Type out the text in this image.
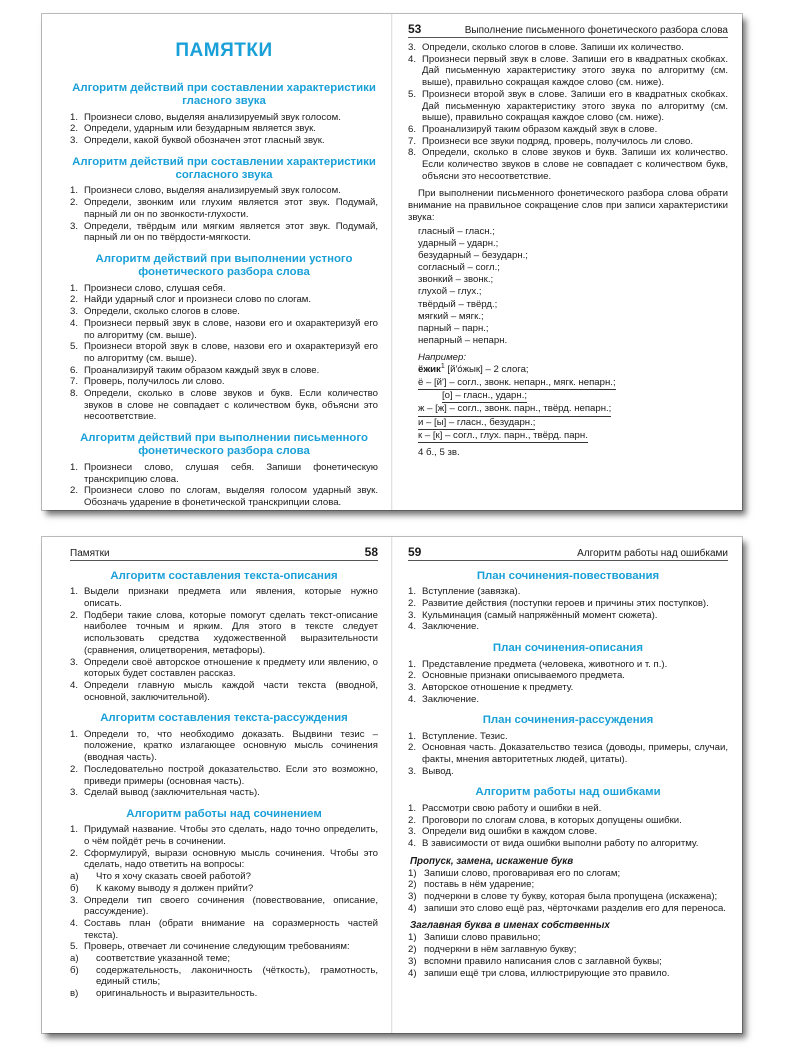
ПАМЯТКИ
Алгоритм действий при составлении характеристики гласного звука
1. Произнеси слово, выделяя анализируемый звук голосом.
2. Определи, ударным или безударным является звук.
3. Определи, какой буквой обозначен этот гласный звук.
Алгоритм действий при составлении характеристики согласного звука
1. Произнеси слово, выделяя анализируемый звук голосом.
2. Определи, звонким или глухим является этот звук. Подумай, парный ли он по звонкости-глухости.
3. Определи, твёрдым или мягким является этот звук. Подумай, парный ли он по твёрдости-мягкости.
Алгоритм действий при выполнении устного фонетического разбора слова
1. Произнеси слово, слушая себя.
2. Найди ударный слог и произнеси слово по слогам.
3. Определи, сколько слогов в слове.
4. Произнеси первый звук в слове, назови его и охарактеризуй его по алгоритму (см. выше).
5. Произнеси второй звук в слове, назови его и охарактеризуй его по алгоритму (см. выше).
6. Проанализируй таким образом каждый звук в слове.
7. Проверь, получилось ли слово.
8. Определи, сколько в слове звуков и букв. Если количество звуков в слове не совпадает с количеством букв, объясни это несоответствие.
Алгоритм действий при выполнении письменного фонетического разбора слова
1. Произнеси слово, слушая себя. Запиши фонетическую транскрипцию слова.
2. Произнеси слово по слогам, выделяя голосом ударный звук. Обозначь ударение в фонетической транскрипции слова.
53	Выполнение письменного фонетического разбора слова
3. Определи, сколько слогов в слове. Запиши их количество.
4. Произнеси первый звук в слове. Запиши его в квадратных скобках. Дай письменную характеристику этого звука по алгоритму (см. выше), правильно сокращая каждое слово (см. ниже).
5. Произнеси второй звук в слове. Запиши его в квадратных скобках. Дай письменную характеристику этого звука по алгоритму (см. выше), правильно сокращая каждое слово (см. ниже).
6. Проанализируй таким образом каждый звук в слове.
7. Произнеси все звуки подряд, проверь, получилось ли слово.
8. Определи, сколько в слове звуков и букв. Запиши их количество. Если количество звуков в слове не совпадает с количеством букв, объясни это несоответствие.

При выполнении письменного фонетического разбора слова обрати внимание на правильное сокращение слов при записи характеристики звука:

гласный – гласн.;
ударный – ударн.;
безударный – безударн.;
согласный – согл.;
звонкий – звонк.;
глухой – глух.;
твёрдый – твёрд.;
мягкий – мягк.;
парный – парн.;
непарный – непарн.
Например:
ёжик$^1$ [й'óжык] – 2 слога;
ё – [й'] – согл., звонк. непарн., мягк. непарн.;
[о] – гласн., ударн.;
ж – [ж] – согл., звонк. парн., твёрд. непарн.;
и – [ы] – гласн., безударн.;
к – [к] – согл., глух. парн., твёрд. парн.
4 б., 5 зв.
Памятки	58
Алгоритм составления текста-описания
1. Выдели признаки предмета или явления, которые нужно описать.
2. Подбери такие слова, которые помогут сделать текст-описание наиболее точным и ярким. Для этого в тексте следует использовать средства художественной выразительности (сравнения, олицетворения, метафоры).
3. Определи своё авторское отношение к предмету или явлению, о которых будет составлен рассказ.
4. Определи главную мысль каждой части текста (вводной, основной, заключительной).
Алгоритм составления текста-рассуждения
1. Определи то, что необходимо доказать. Выдвини тезис – положение, кратко излагающее основную мысль сочинения (вводная часть).
2. Последовательно построй доказательство. Если это возможно, приведи примеры (основная часть).
3. Сделай вывод (заключительная часть).
Алгоритм работы над сочинением
1. Придумай название. Чтобы это сделать, надо точно определить, о чём пойдёт речь в сочинении.
2. Сформулируй, вырази основную мысль сочинения. Чтобы это сделать, надо ответить на вопросы:
а) Что я хочу сказать своей работой?
б) К какому выводу я должен прийти?
3. Определи тип своего сочинения (повествование, описание, рассуждение).
4. Составь план (обрати внимание на соразмерность частей текста).
5. Проверь, отвечает ли сочинение следующим требованиям:
а) соответствие указанной теме;
б) содержательность, лаконичность (чёткость), грамотность, единый стиль;
в) оригинальность и выразительность.
59	Алгоритм работы над ошибками
План сочинения-повествования
1. Вступление (завязка).
2. Развитие действия (поступки героев и причины этих поступков).
3. Кульминация (самый напряжённый момент сюжета).
4. Заключение.
План сочинения-описания
1. Представление предмета (человека, животного и т. п.).
2. Основные признаки описываемого предмета.
3. Авторское отношение к предмету.
4. Заключение.
План сочинения-рассуждения
1. Вступление. Тезис.
2. Основная часть. Доказательство тезиса (доводы, примеры, случаи, факты, мнения авторитетных людей, цитаты).
3. Вывод.
Алгоритм работы над ошибками
1. Рассмотри свою работу и ошибки в ней.
2. Проговори по слогам слова, в которых допущены ошибки.
3. Определи вид ошибки в каждом слове.
4. В зависимости от вида ошибки выполни работу по алгоритму.
Пропуск, замена, искажение букв
1) Запиши слово, проговаривая его по слогам;
2) поставь в нём ударение;
3) подчеркни в слове ту букву, которая была пропущена (искажена);
4) запиши это слово ещё раз, чёрточками разделив его для переноса.
Заглавная буква в именах собственных
1) Запиши слово правильно;
2) подчеркни в нём заглавную букву;
3) вспомни правило написания слов с заглавной буквы;
4) запиши ещё три слова, иллюстрирующие это правило.
